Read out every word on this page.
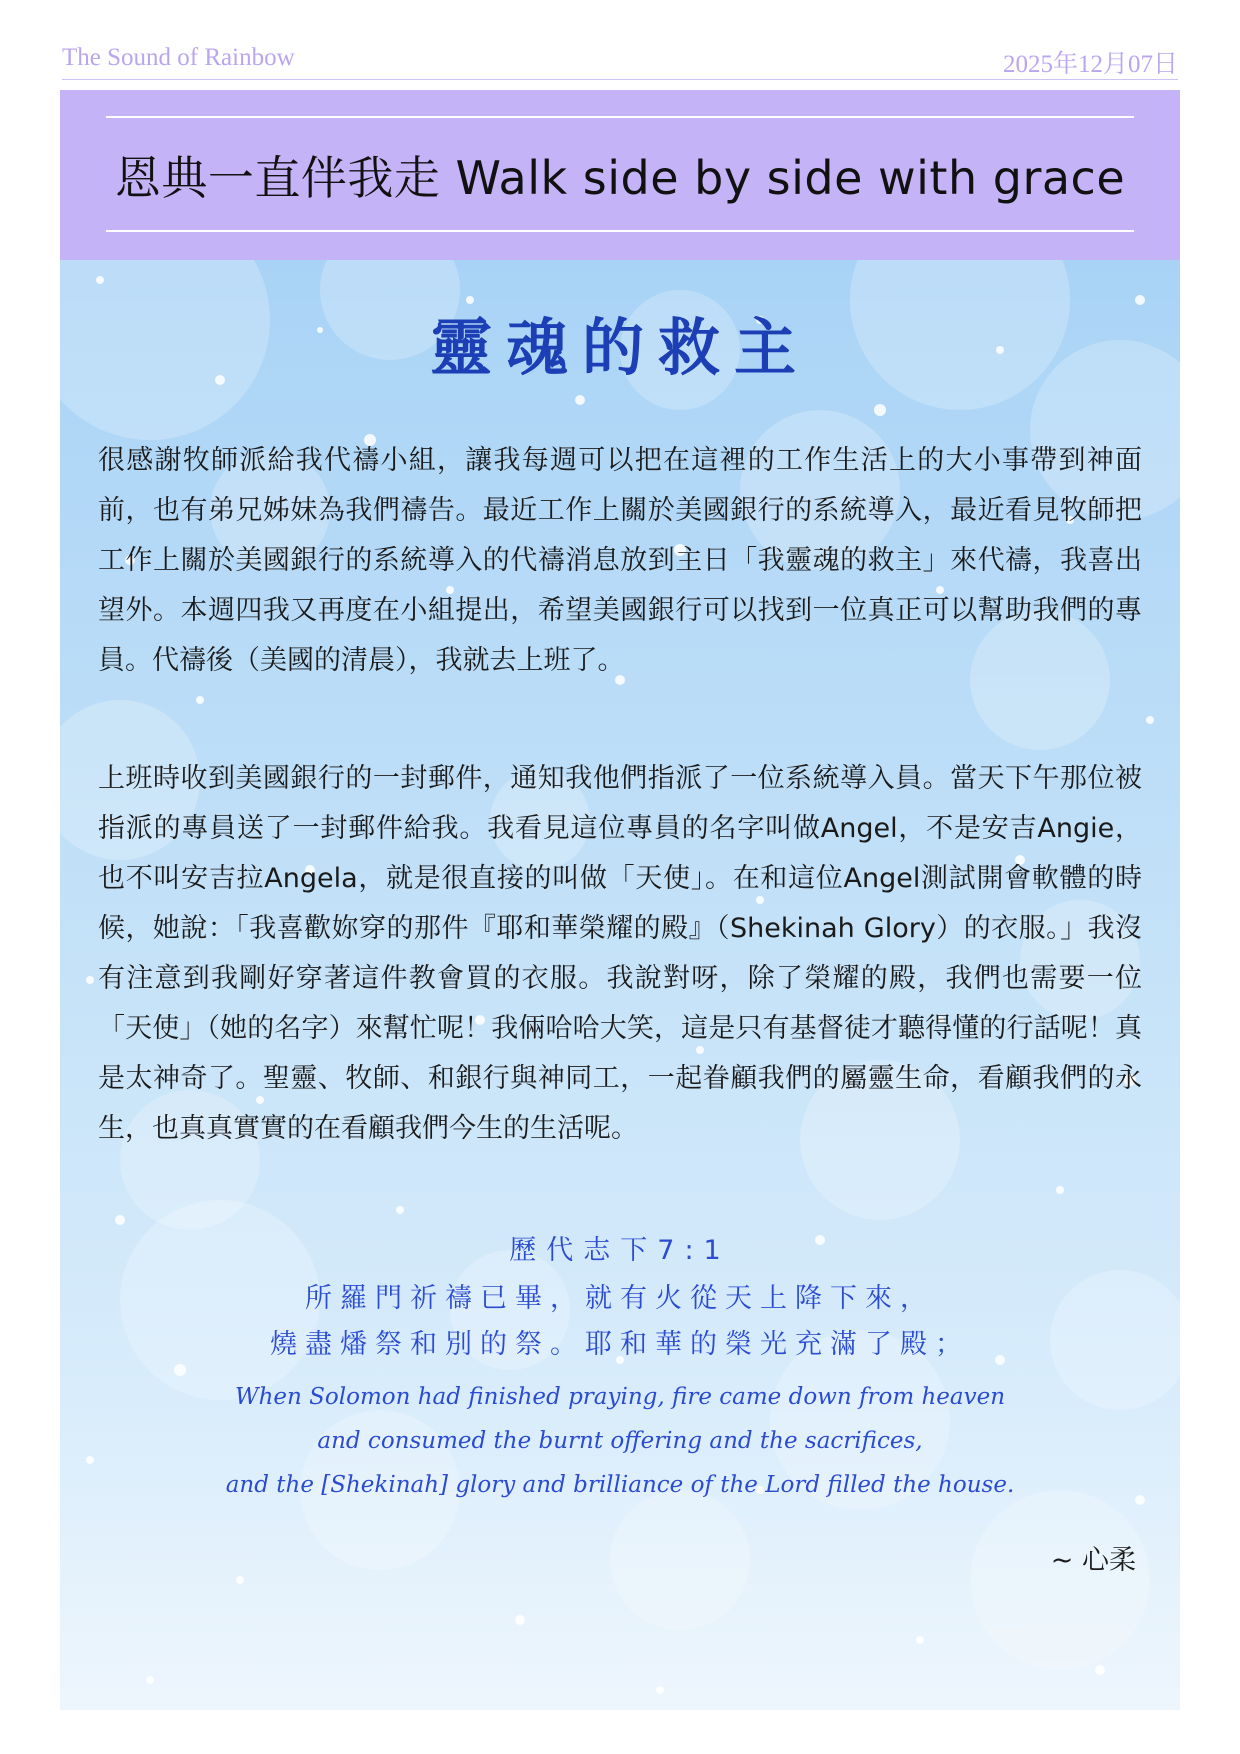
The Sound of Rainbow	2025年12月07日
恩典一直伴我走 Walk side by side with grace
靈魂的救主

很感謝牧師派給我代禱小組，讓我每週可以把在這裡的工作生活上的大小事帶到神面前，也有弟兄姊妹為我們禱告。最近工作上關於美國銀行的系統導入，最近看見牧師把工作上關於美國銀行的系統導入的代禱消息放到主日「我靈魂的救主」來代禱，我喜出望外。本週四我又再度在小組提出，希望美國銀行可以找到一位真正可以幫助我們的專員。代禱後（美國的清晨），我就去上班了。

上班時收到美國銀行的一封郵件，通知我他們指派了一位系統導入員。當天下午那位被指派的專員送了一封郵件給我。我看見這位專員的名字叫做Angel，不是安吉Angie，也不叫安吉拉Angela，就是很直接的叫做「天使」。在和這位Angel測試開會軟體的時候，她說：「我喜歡妳穿的那件『耶和華榮耀的殿』（Shekinah Glory）的衣服。」我沒有注意到我剛好穿著這件教會買的衣服。我說對呀，除了榮耀的殿，我們也需要一位「天使」（她的名字）來幫忙呢！我倆哈哈大笑，這是只有基督徒才聽得懂的行話呢！真是太神奇了。聖靈、牧師、和銀行與神同工，一起眷顧我們的屬靈生命，看顧我們的永生，也真真實實的在看顧我們今生的生活呢。

歷代志下7:1

所羅門祈禱已畢，就有火從天上降下來，

燒盡燔祭和別的祭。耶和華的榮光充滿了殿；

When Solomon had finished praying, fire came down from heaven

and consumed the burnt offering and the sacrifices,

and the [Shekinah] glory and brilliance of the Lord filled the house.

~ 心柔
